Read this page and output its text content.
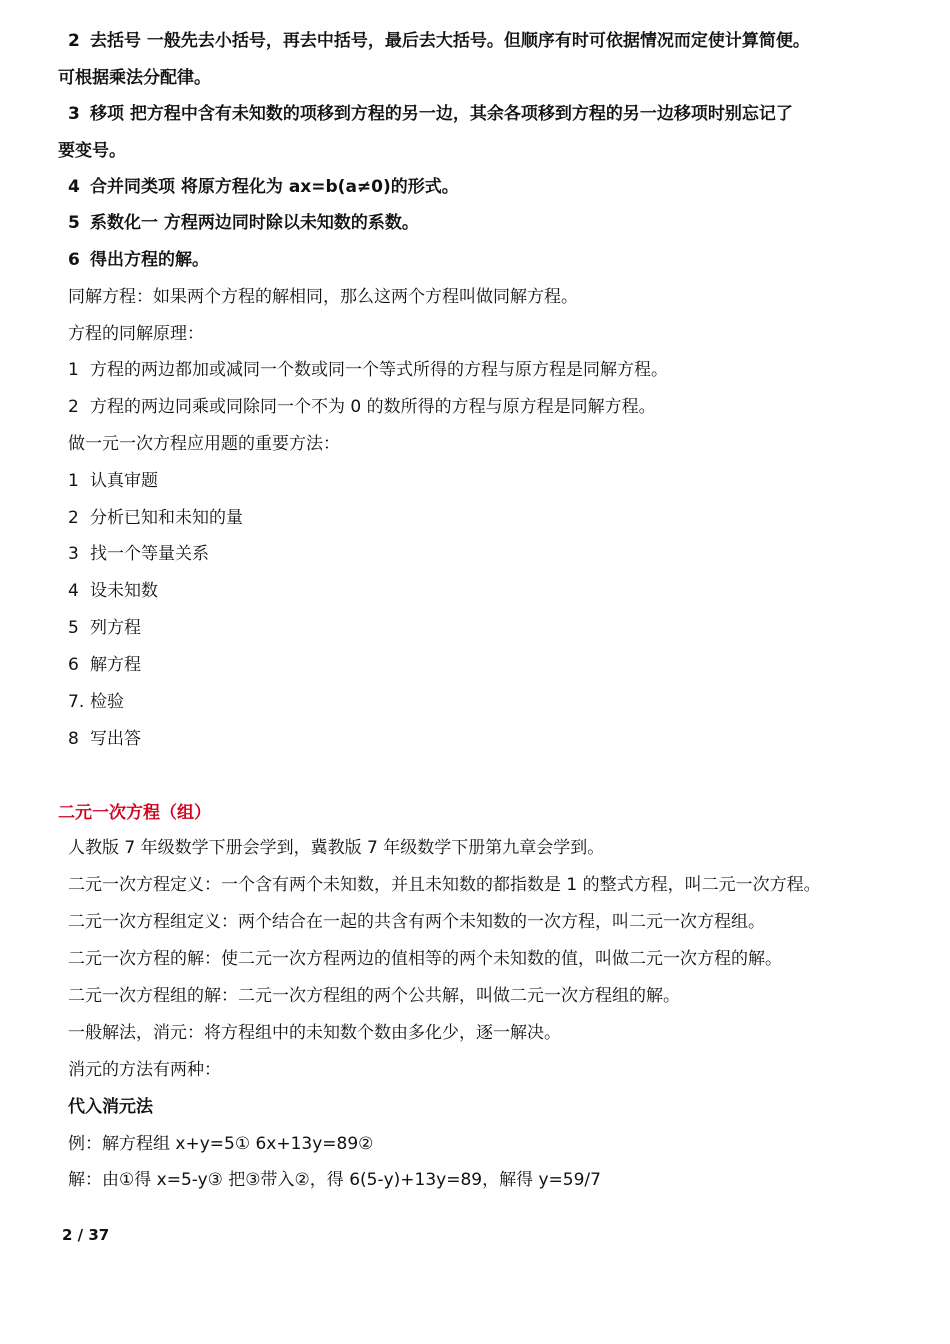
2 去括号 一般先去小括号，再去中括号，最后去大括号。但顺序有时可依据情况而定使计算简便。
可根据乘法分配律。
3 移项 把方程中含有未知数的项移到方程的另一边，其余各项移到方程的另一边移项时别忘记了
要变号。
4 合并同类项 将原方程化为 ax=b(a≠0)的形式。
5 系数化一 方程两边同时除以未知数的系数。
6 得出方程的解。
同解方程：如果两个方程的解相同，那么这两个方程叫做同解方程。
方程的同解原理：
1 方程的两边都加或减同一个数或同一个等式所得的方程与原方程是同解方程。
2 方程的两边同乘或同除同一个不为 0 的数所得的方程与原方程是同解方程。
做一元一次方程应用题的重要方法：
1 认真审题
2 分析已知和未知的量
3 找一个等量关系
4 设未知数
5 列方程
6 解方程
7. 检验
8 写出答
二元一次方程（组）
人教版 7 年级数学下册会学到，冀教版 7 年级数学下册第九章会学到。
二元一次方程定义：一个含有两个未知数，并且未知数的都指数是 1 的整式方程，叫二元一次方程。
二元一次方程组定义：两个结合在一起的共含有两个未知数的一次方程，叫二元一次方程组。
二元一次方程的解：使二元一次方程两边的值相等的两个未知数的值，叫做二元一次方程的解。
二元一次方程组的解：二元一次方程组的两个公共解，叫做二元一次方程组的解。
一般解法，消元：将方程组中的未知数个数由多化少，逐一解决。
消元的方法有两种：
代入消元法
例：解方程组 x+y=5① 6x+13y=89②
解：由①得 x=5-y③ 把③带入②，得 6(5-y)+13y=89，解得 y=59/7
2 / 37
